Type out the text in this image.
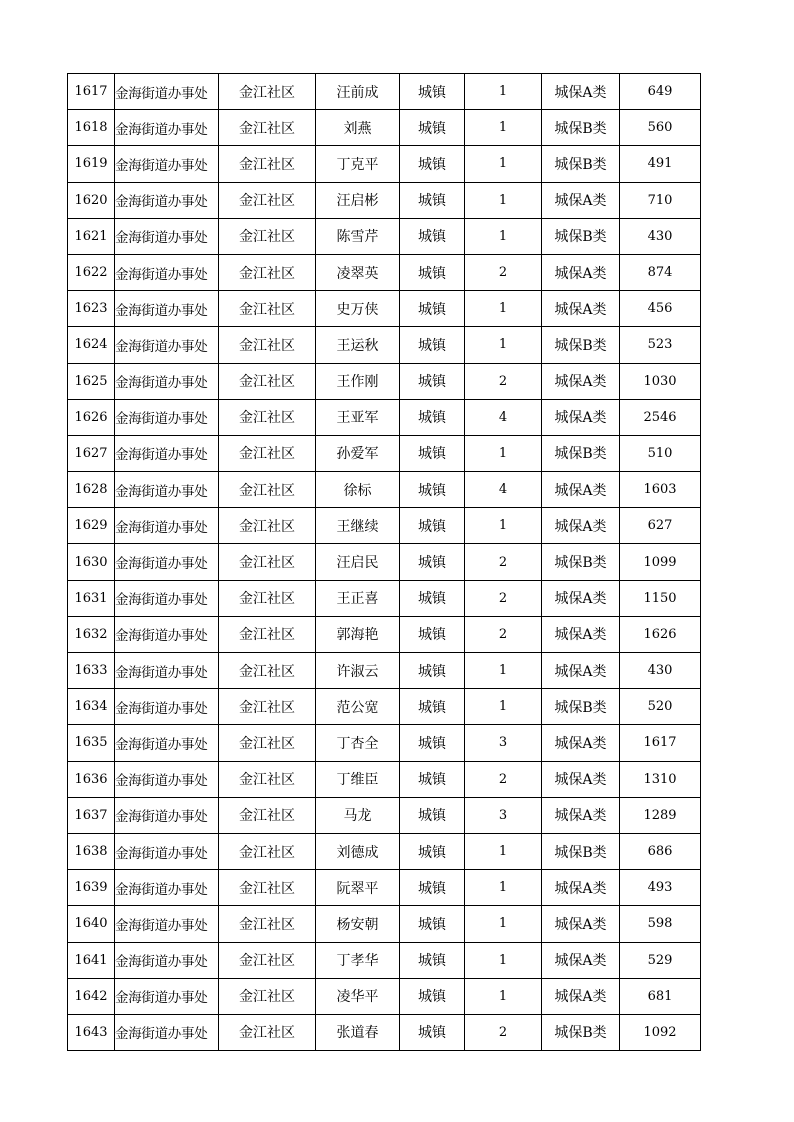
1617	金海街道办事处	金江社区	汪前成	城镇	1	城保A类	649
1618	金海街道办事处	金江社区	刘燕	城镇	1	城保B类	560
1619	金海街道办事处	金江社区	丁克平	城镇	1	城保B类	491
1620	金海街道办事处	金江社区	汪启彬	城镇	1	城保A类	710
1621	金海街道办事处	金江社区	陈雪芹	城镇	1	城保B类	430
1622	金海街道办事处	金江社区	凌翠英	城镇	2	城保A类	874
1623	金海街道办事处	金江社区	史万侠	城镇	1	城保A类	456
1624	金海街道办事处	金江社区	王运秋	城镇	1	城保B类	523
1625	金海街道办事处	金江社区	王作刚	城镇	2	城保A类	1030
1626	金海街道办事处	金江社区	王亚军	城镇	4	城保A类	2546
1627	金海街道办事处	金江社区	孙爱军	城镇	1	城保B类	510
1628	金海街道办事处	金江社区	徐标	城镇	4	城保A类	1603
1629	金海街道办事处	金江社区	王继续	城镇	1	城保A类	627
1630	金海街道办事处	金江社区	汪启民	城镇	2	城保B类	1099
1631	金海街道办事处	金江社区	王正喜	城镇	2	城保A类	1150
1632	金海街道办事处	金江社区	郭海艳	城镇	2	城保A类	1626
1633	金海街道办事处	金江社区	许淑云	城镇	1	城保A类	430
1634	金海街道办事处	金江社区	范公宽	城镇	1	城保B类	520
1635	金海街道办事处	金江社区	丁杏全	城镇	3	城保A类	1617
1636	金海街道办事处	金江社区	丁维臣	城镇	2	城保A类	1310
1637	金海街道办事处	金江社区	马龙	城镇	3	城保A类	1289
1638	金海街道办事处	金江社区	刘德成	城镇	1	城保B类	686
1639	金海街道办事处	金江社区	阮翠平	城镇	1	城保A类	493
1640	金海街道办事处	金江社区	杨安朝	城镇	1	城保A类	598
1641	金海街道办事处	金江社区	丁孝华	城镇	1	城保A类	529
1642	金海街道办事处	金江社区	凌华平	城镇	1	城保A类	681
1643	金海街道办事处	金江社区	张道春	城镇	2	城保B类	1092
